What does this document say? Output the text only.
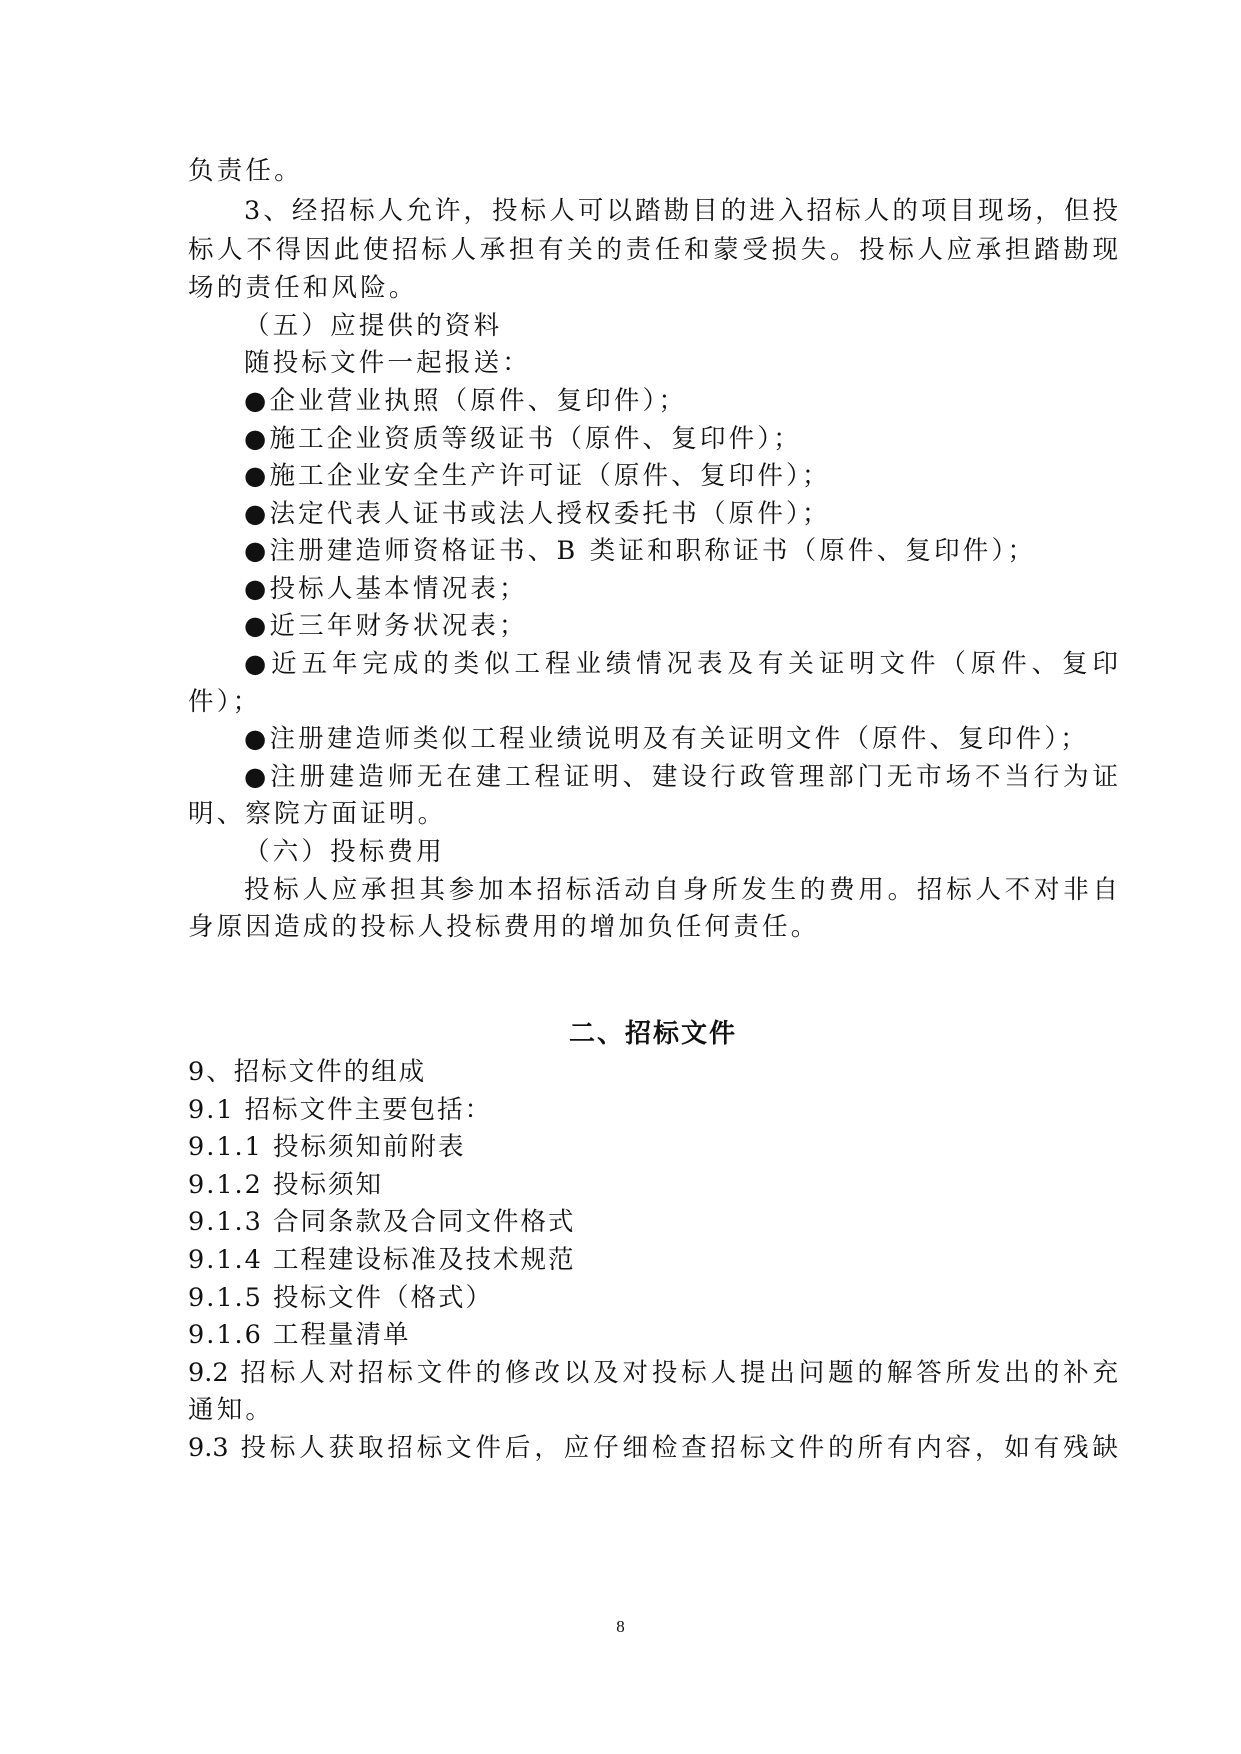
负责任。
3、经招标人允许，投标人可以踏勘目的进入招标人的项目现场，但投
标人不得因此使招标人承担有关的责任和蒙受损失。投标人应承担踏勘现
场的责任和风险。
（五）应提供的资料
随投标文件一起报送：
●企业营业执照（原件、复印件）；
●施工企业资质等级证书（原件、复印件）；
●施工企业安全生产许可证（原件、复印件）；
●法定代表人证书或法人授权委托书（原件）；
●注册建造师资格证书、B 类证和职称证书（原件、复印件）；
●投标人基本情况表；
●近三年财务状况表；
●近五年完成的类似工程业绩情况表及有关证明文件（原件、复印
件）；
●注册建造师类似工程业绩说明及有关证明文件（原件、复印件）；
●注册建造师无在建工程证明、建设行政管理部门无市场不当行为证
明、察院方面证明。
（六）投标费用
投标人应承担其参加本招标活动自身所发生的费用。招标人不对非自
身原因造成的投标人投标费用的增加负任何责任。
二、招标文件
9、招标文件的组成
9.1 招标文件主要包括：
9.1.1 投标须知前附表
9.1.2 投标须知
9.1.3 合同条款及合同文件格式
9.1.4 工程建设标准及技术规范
9.1.5 投标文件（格式）
9.1.6 工程量清单
9.2 招标人对招标文件的修改以及对投标人提出问题的解答所发出的补充
通知。
9.3 投标人获取招标文件后，应仔细检查招标文件的所有内容，如有残缺
8
